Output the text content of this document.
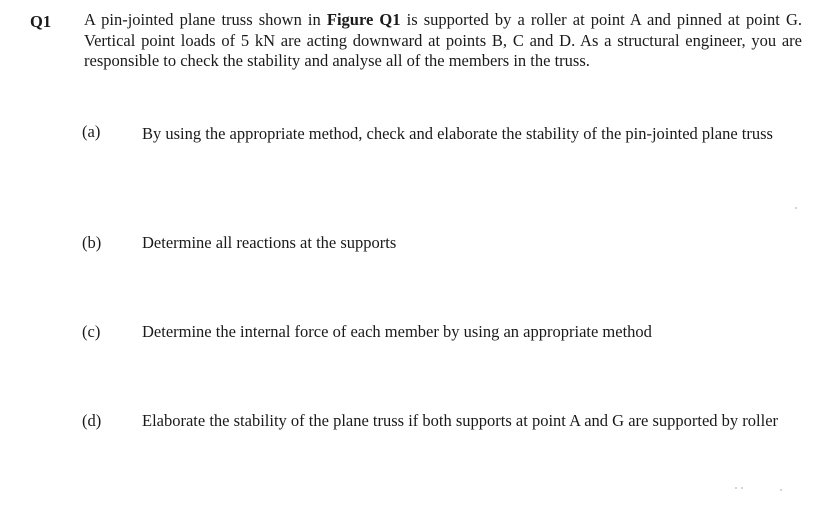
Q1 A pin-jointed plane truss shown in Figure Q1 is supported by a roller at point A and pinned at point G. Vertical point loads of 5 kN are acting downward at points B, C and D. As a structural engineer, you are responsible to check the stability and analyse all of the members in the truss.
(a)	By using the appropriate method, check and elaborate the stability of the pin-jointed plane truss
(b) Determine all reactions at the supports
(c)	Determine the internal force of each member by using an appropriate method
(d) Elaborate the stability of the plane truss if both supports at point A and G are supported by roller
